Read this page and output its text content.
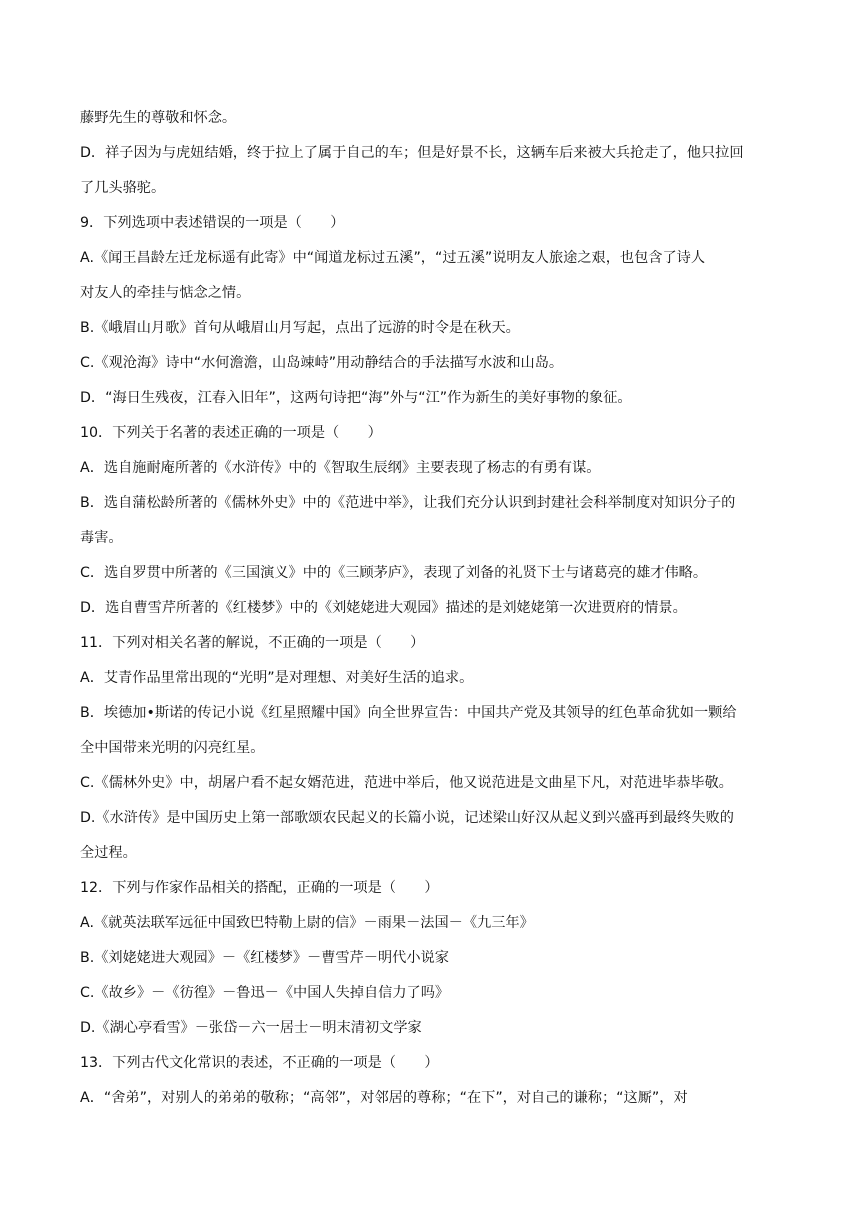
藤野先生的尊敬和怀念。
D．祥子因为与虎妞结婚，终于拉上了属于自己的车；但是好景不长，这辆车后来被大兵抢走了，他只拉回
了几头骆驼。
9．下列选项中表述错误的一项是（　　）
A.《闻王昌龄左迁龙标遥有此寄》中“闻道龙标过五溪”，“过五溪”说明友人旅途之艰，也包含了诗人
对友人的牵挂与惦念之情。
B.《峨眉山月歌》首句从峨眉山月写起，点出了远游的时令是在秋天。
C.《观沧海》诗中“水何澹澹，山岛竦峙”用动静结合的手法描写水波和山岛。
D．“海日生残夜，江春入旧年”，这两句诗把“海”外与“江”作为新生的美好事物的象征。
10．下列关于名著的表述正确的一项是（　　）
A．选自施耐庵所著的《水浒传》中的《智取生辰纲》主要表现了杨志的有勇有谋。
B．选自蒲松龄所著的《儒林外史》中的《范进中举》，让我们充分认识到封建社会科举制度对知识分子的
毒害。
C．选自罗贯中所著的《三国演义》中的《三顾茅庐》，表现了刘备的礼贤下士与诸葛亮的雄才伟略。
D．选自曹雪芹所著的《红楼梦》中的《刘姥姥进大观园》描述的是刘姥姥第一次进贾府的情景。
11．下列对相关名著的解说，不正确的一项是（　　）
A．艾青作品里常出现的“光明”是对理想、对美好生活的追求。
B．埃德加•斯诺的传记小说《红星照耀中国》向全世界宣告：中国共产党及其领导的红色革命犹如一颗给
全中国带来光明的闪亮红星。
C.《儒林外史》中，胡屠户看不起女婿范进，范进中举后，他又说范进是文曲星下凡，对范进毕恭毕敬。
D.《水浒传》是中国历史上第一部歌颂农民起义的长篇小说，记述梁山好汉从起义到兴盛再到最终失败的
全过程。
12．下列与作家作品相关的搭配，正确的一项是（　　）
A.《就英法联军远征中国致巴特勒上尉的信》－雨果－法国－《九三年》
B.《刘姥姥进大观园》－《红楼梦》－曹雪芹－明代小说家
C.《故乡》－《彷徨》－鲁迅－《中国人失掉自信力了吗》
D.《湖心亭看雪》－张岱－六一居士－明末清初文学家
13．下列古代文化常识的表述，不正确的一项是（　　）
A．“舍弟”，对别人的弟弟的敬称；“高邻”，对邻居的尊称；“在下”，对自己的谦称；“这厮”，对
